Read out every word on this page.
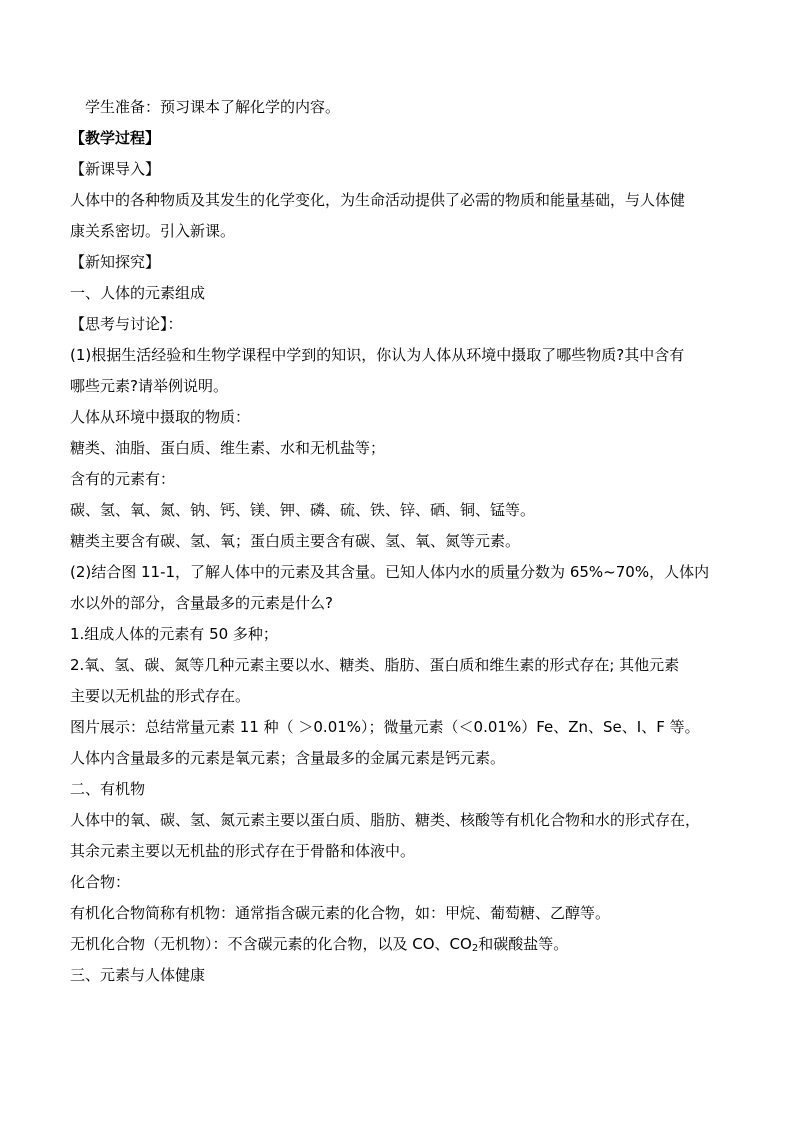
学生准备：预习课本了解化学的内容。
【教学过程】
【新课导入】
人体中的各种物质及其发生的化学变化，为生命活动提供了必需的物质和能量基础，与人体健
康关系密切。引入新课。
【新知探究】
一、人体的元素组成
【思考与讨论】：
(1)根据生活经验和生物学课程中学到的知识，你认为人体从环境中摄取了哪些物质?其中含有
哪些元素?请举例说明。
人体从环境中摄取的物质：
糖类、油脂、蛋白质、维生素、水和无机盐等；
含有的元素有：
碳、氢、氧、氮、钠、钙、镁、钾、磷、硫、铁、锌、硒、铜、锰等。
糖类主要含有碳、氢、氧；蛋白质主要含有碳、氢、氧、氮等元素。
(2)结合图 11-1，了解人体中的元素及其含量。已知人体内水的质量分数为 65%~70%，人体内
水以外的部分，含量最多的元素是什么?
1.组成人体的元素有 50 多种；
2.氧、氢、碳、氮等几种元素主要以水、糖类、脂肪、蛋白质和维生素的形式存在; 其他元素
主要以无机盐的形式存在。
图片展示：总结常量元素 11 种（ ＞0.01%）；微量元素（＜0.01%）Fe、Zn、Se、I、F 等。
人体内含量最多的元素是氧元素；含量最多的金属元素是钙元素。
二、有机物
人体中的氧、碳、氢、氮元素主要以蛋白质、脂肪、糖类、核酸等有机化合物和水的形式存在，
其余元素主要以无机盐的形式存在于骨骼和体液中。
化合物：
有机化合物简称有机物：通常指含碳元素的化合物，如：甲烷、葡萄糖、乙醇等。
无机化合物（无机物）：不含碳元素的化合物，以及 CO、$CO_2$和碳酸盐等。
三、元素与人体健康
